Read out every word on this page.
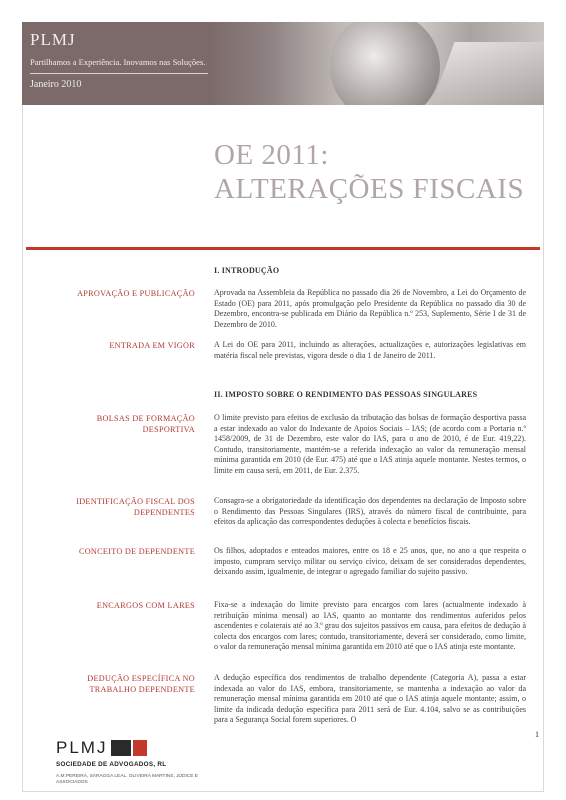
PLMJ
Partilhamos a Experiência. Inovamos nas Soluções.
Janeiro 2010
OE 2011:
ALTERAÇÕES FISCAIS
I. INTRODUÇÃO
APROVAÇÃO E PUBLICAÇÃO Aprovada na Assembleia da República no passado dia 26 de Novembro, a Lei do Orçamento de Estado (OE) para 2011, após promulgação pelo Presidente da República no passado dia 30 de Dezembro, encontra-se publicada em Diário da República n.º 253, Suplemento, Série I de 31 de Dezembro de 2010.
ENTRADA EM VIGOR A Lei do OE para 2011, incluindo as alterações, actualizações e, autorizações legislativas em matéria fiscal nele previstas, vigora desde o dia 1 de Janeiro de 2011.
II. IMPOSTO SOBRE O RENDIMENTO DAS PESSOAS SINGULARES
BOLSAS DE FORMAÇÃO DESPORTIVA
O limite previsto para efeitos de exclusão da tributação das bolsas de formação desportiva passa a estar indexado ao valor do Indexante de Apoios Sociais – IAS; (de acordo com a Portaria n.º 1458/2009, de 31 de Dezembro, este valor do IAS, para o ano de 2010, é de Eur. 419,22). Contudo, transitoriamente, mantém-se a referida indexação ao valor da remuneração mensal mínima garantida em 2010 (de Eur. 475) até que o IAS atinja aquele montante. Nestes termos, o limite em causa será, em 2011, de Eur. 2.375.
IDENTIFICAÇÃO FISCAL DOS DEPENDENTES
Consagra-se a obrigatoriedade da identificação dos dependentes na declaração de Imposto sobre o Rendimento das Pessoas Singulares (IRS), através do número fiscal de contribuinte, para efeitos da aplicação das correspondentes deduções à colecta e benefícios fiscais.
CONCEITO DE DEPENDENTE Os filhos, adoptados e enteados maiores, entre os 18 e 25 anos, que, no ano a que respeita o imposto, cumpram serviço militar ou serviço cívico, deixam de ser considerados dependentes, deixando assim, igualmente, de integrar o agregado familiar do sujeito passivo.
ENCARGOS COM LARES Fixa-se a indexação do limite previsto para encargos com lares (actualmente indexado à retribuição mínima mensal) ao IAS, quanto ao montante dos rendimentos auferidos pelos ascendentes e colaterais até ao 3.º grau dos sujeitos passivos em causa, para efeitos de dedução à colecta dos encargos com lares; contudo, transitoriamente, deverá ser considerado, como limite, o valor da remuneração mensal mínima garantida em 2010 até que o IAS atinja este montante.
DEDUÇÃO ESPECÍFICA NO TRABALHO DEPENDENTE
A dedução específica dos rendimentos de trabalho dependente (Categoria A), passa a estar indexada ao valor do IAS, embora, transitoriamente, se mantenha a indexação ao valor da remuneração mensal mínima garantida em 2010 até que o IAS atinja aquele montante; assim, o limite da indicada dedução específica para 2011 será de Eur. 4.104, salvo se as contribuições para a Segurança Social forem superiores. O
1
PLMJ
SOCIEDADE DE ADVOGADOS, RL
A.M.PEREIRA, SÁRAGGA LEAL, OLIVEIRA MARTINS, JÚDICE E ASSOCIADOS
